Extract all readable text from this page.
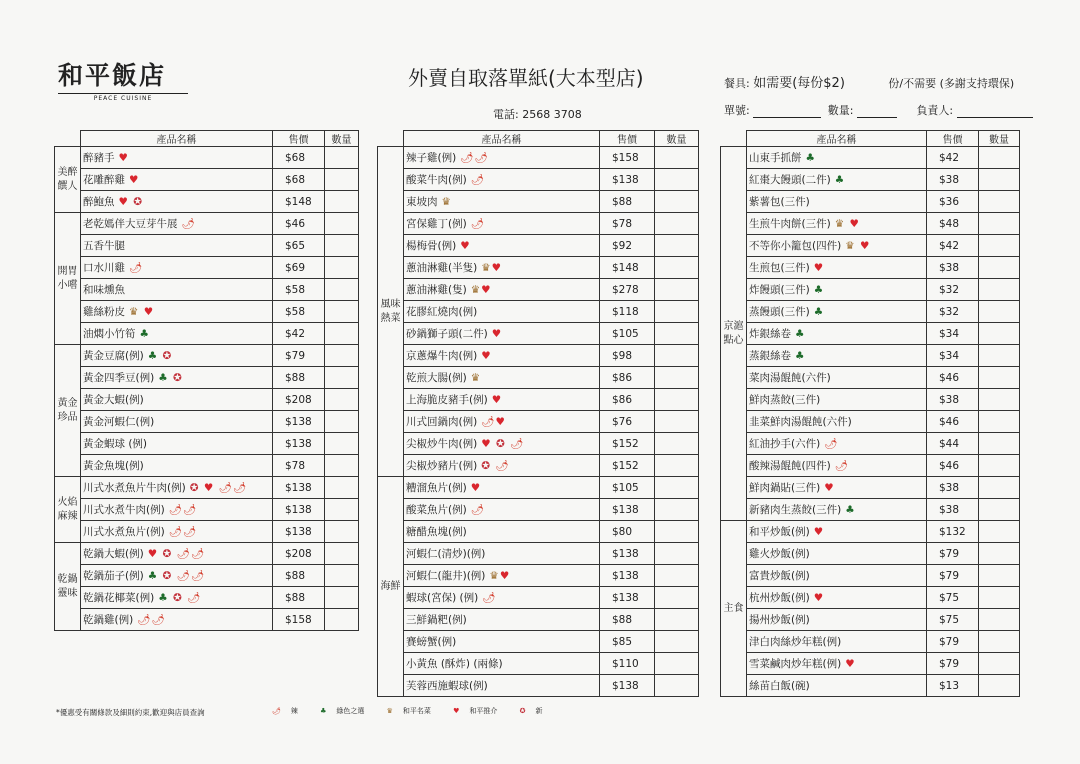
和平飯店
PEACE CUISINE
外賣自取落單紙(大本型店)
電話: 2568 3708
餐具: 如需要(每份$2)	份/不需要 (多謝支持環保)
單號:	數量:	負責人:
	產品名稱	售價	數量
美醉饌人	醉豬手 ♥	$68	
	花雕醉雞 ♥	$68	
	醉鮑魚 ♥ ✪	$148	
開胃小嚐	老乾媽伴大豆芽牛展 🌶	$46	
	五香牛腿	$65	
	口水川雞 🌶	$69	
	和味燻魚	$58	
	雞絲粉皮 ♛ ♥	$58	
	油燜小竹筍 ♣	$42	
黃金珍品	黃金豆腐(例) ♣ ✪	$79	
	黃金四季豆(例) ♣ ✪	$88	
	黃金大蝦(例)	$208	
	黃金河蝦仁(例)	$138	
	黃金蝦球 (例)	$138	
	黃金魚塊(例)	$78	
火焰麻辣	川式水煮魚片牛肉(例) ✪ ♥ 🌶🌶	$138	
	川式水煮牛肉(例) 🌶🌶	$138	
	川式水煮魚片(例) 🌶🌶	$138	
乾鍋靈味	乾鍋大蝦(例) ♥ ✪ 🌶🌶	$208	
	乾鍋茄子(例) ♣ ✪ 🌶🌶	$88	
	乾鍋花椰菜(例) ♣ ✪ 🌶	$88	
	乾鍋雞(例) 🌶🌶	$158	
	產品名稱	售價	數量
風味熱菜	辣子雞(例) 🌶🌶	$158	
	酸菜牛肉(例) 🌶	$138	
	東坡肉 ♛	$88	
	宮保雞丁(例) 🌶	$78	
	楊梅骨(例) ♥	$92	
	蔥油淋雞(半隻) ♛♥	$148	
	蔥油淋雞(隻) ♛♥	$278	
	花膠紅燒肉(例)	$118	
	砂鍋獅子頭(二件) ♥	$105	
	京蔥爆牛肉(例) ♥	$98	
	乾煎大腸(例) ♛	$86	
	上海脆皮豬手(例) ♥	$86	
	川式回鍋肉(例) 🌶♥	$76	
	尖椒炒牛肉(例) ♥ ✪ 🌶	$152	
	尖椒炒豬片(例) ✪ 🌶	$152	
海鮮	糟溜魚片(例) ♥	$105	
	酸菜魚片(例) 🌶	$138	
	糖醋魚塊(例)	$80	
	河蝦仁(清炒)(例)	$138	
	河蝦仁(龍井)(例) ♛♥	$138	
	蝦球(宮保) (例) 🌶	$138	
	三鮮鍋粑(例)	$88	
	賽螃蟹(例)	$85	
	小黃魚 (酥炸) (兩條)	$110	
	芙蓉西施蝦球(例)	$138	
	產品名稱	售價	數量
京滬點心	山東手抓餅 ♣	$42	
	紅棗大饅頭(二件) ♣	$38	
	紫薯包(三件)	$36	
	生煎牛肉餅(三件) ♛ ♥	$48	
	不等你小籠包(四件) ♛ ♥	$42	
	生煎包(三件) ♥	$38	
	炸饅頭(三件) ♣	$32	
	蒸饅頭(三件) ♣	$32	
	炸銀絲卷 ♣	$34	
	蒸銀絲卷 ♣	$34	
	菜肉湯餛飩(六件)	$46	
	鮮肉蒸餃(三件)	$38	
	韭菜鮮肉湯餛飩(六件)	$46	
	紅油抄手(六件) 🌶	$44	
	酸辣湯餛飩(四件) 🌶	$46	
	鮮肉鍋貼(三件) ♥	$38	
	新豬肉生蒸餃(三件) ♣	$38	
主食	和平炒飯(例) ♥	$132	
	雞火炒飯(例)	$79	
	富貴炒飯(例)	$79	
	杭州炒飯(例) ♥	$75	
	揚州炒飯(例)	$75	
	津白肉絲炒年糕(例)	$79	
	雪菜鹹肉炒年糕(例) ♥	$79	
	絲苗白飯(碗)	$13	
*優惠受有關條款及細則約束,歡迎與店員查詢	🌶 辣	♣ 綠色之選	♛ 和平名菜	♥ 和平推介	✪ 新
